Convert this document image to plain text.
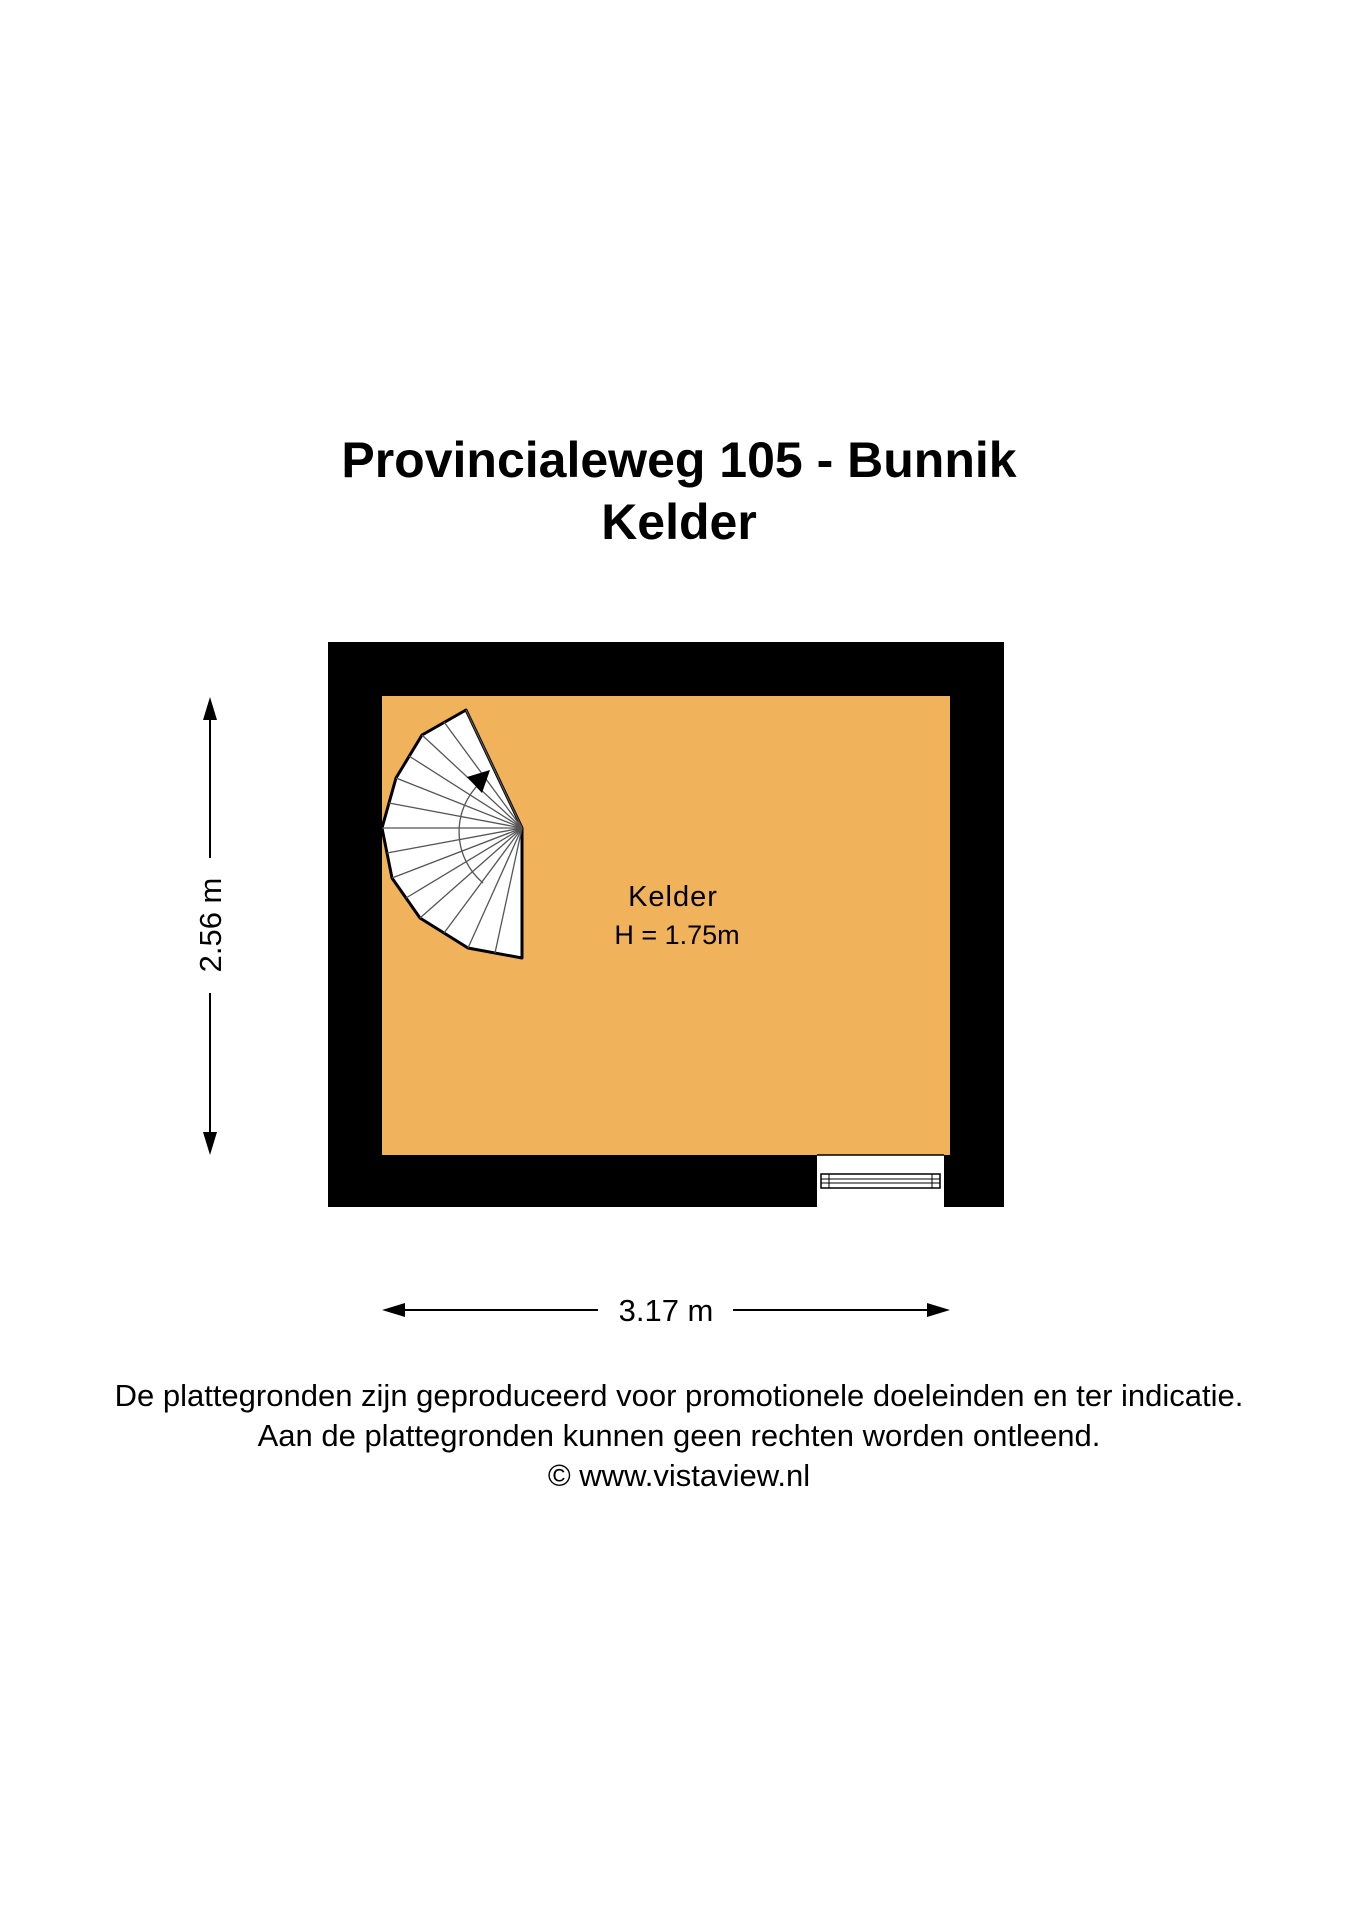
Provincialeweg 105 - Bunnik
Kelder
Kelder
H = 1.75m
3.17 m
2.56 m

De plattegronden zijn geproduceerd voor promotionele doeleinden en ter indicatie.

Aan de plattegronden kunnen geen rechten worden ontleend.

© www.vistaview.nl
